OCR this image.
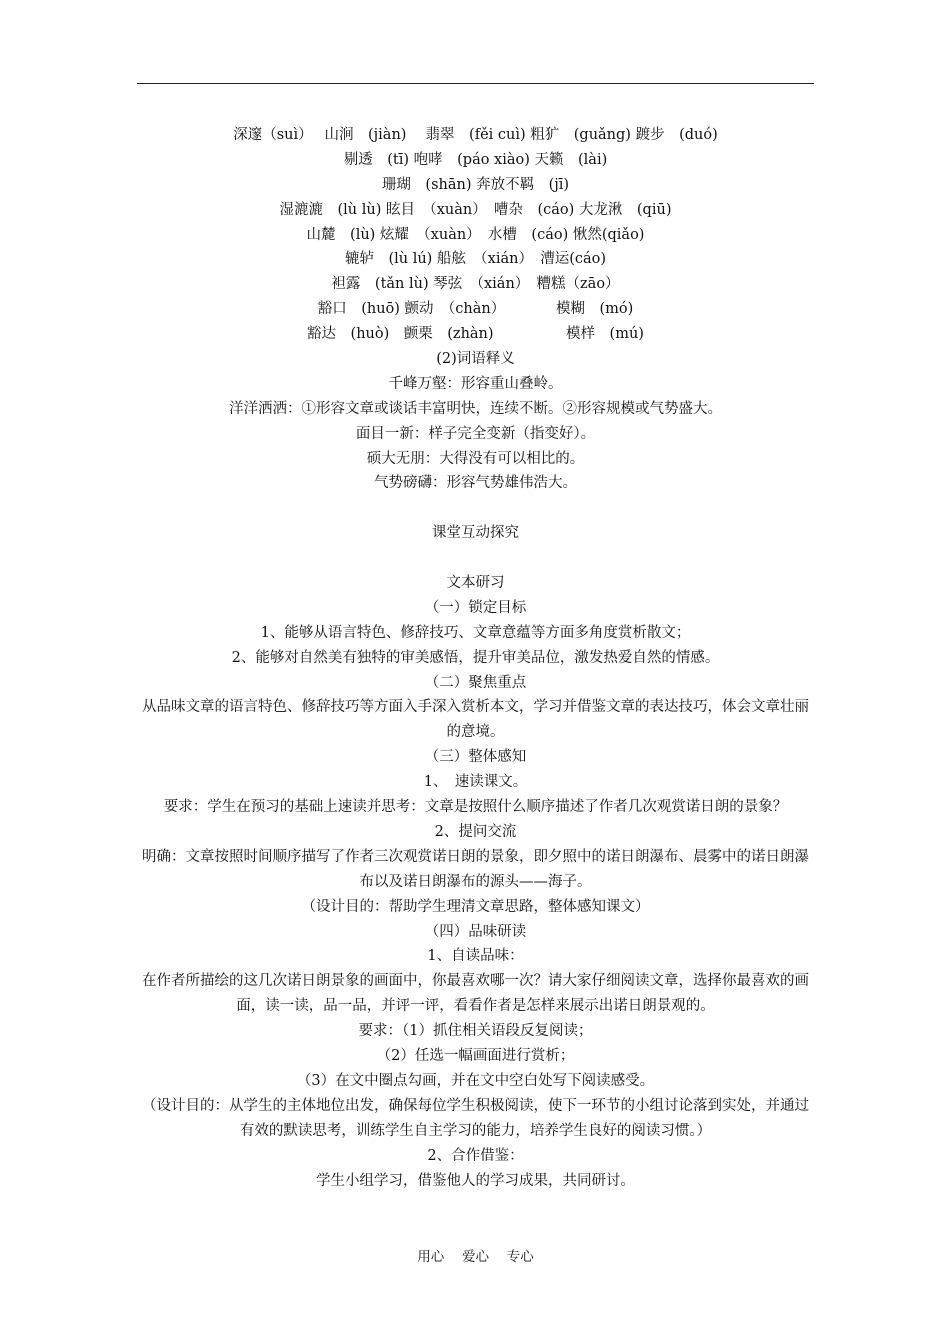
深邃（suì）　 山涧　(jiàn)　 翡翠　(fěi cuì) 粗犷　(guǎng) 踱步　(duó)
剔透　(tī) 咆哮　(páo xiào) 天籁　(lài)
珊瑚　(shān) 奔放不羁　(jī)
湿漉漉　(lù lù) 眩目　（xuàn）　嘈杂　(cáo) 大龙湫　(qiū)
山麓　(lù) 炫耀　（xuàn）　水槽　(cáo) 愀然(qiǎo)
辘轳　(lù lú) 船舷　（xián）　漕运(cáo)
袒露　(tǎn lù) 琴弦　（xián）　糟糕（zāo）
豁口　(huō) 颤动　（chàn）　　　　模糊　(mó)
豁达　(huò)　颤栗　(zhàn)　　　　　模样　(mú)
(2)词语释义
千峰万壑：形容重山叠岭。
洋洋洒洒：①形容文章或谈话丰富明快，连续不断。②形容规模或气势盛大。
面目一新：样子完全变新（指变好）。
硕大无朋：大得没有可以相比的。
气势磅礴：形容气势雄伟浩大。
课堂互动探究
文本研习
（一）锁定目标
1、能够从语言特色、修辞技巧、文章意蕴等方面多角度赏析散文；
2、能够对自然美有独特的审美感悟，提升审美品位，激发热爱自然的情感。
（二）聚焦重点
从品味文章的语言特色、修辞技巧等方面入手深入赏析本文，学习并借鉴文章的表达技巧，体会文章壮丽的意境。
（三）整体感知
1、　速读课文。
要求：学生在预习的基础上速读并思考：文章是按照什么顺序描述了作者几次观赏诺日朗的景象？
2、提问交流
明确：文章按照时间顺序描写了作者三次观赏诺日朗的景象，即夕照中的诺日朗瀑布、晨雾中的诺日朗瀑布以及诺日朗瀑布的源头——海子。
（设计目的：帮助学生理清文章思路，整体感知课文）
（四）品味研读
1、自读品味：
在作者所描绘的这几次诺日朗景象的画面中，你最喜欢哪一次？请大家仔细阅读文章，选择你最喜欢的画面，读一读，品一品，并评一评，看看作者是怎样来展示出诺日朗景观的。
要求：（1）抓住相关语段反复阅读；
（2）任选一幅画面进行赏析；
（3）在文中圈点勾画，并在文中空白处写下阅读感受。
（设计目的：从学生的主体地位出发，确保每位学生积极阅读，使下一环节的小组讨论落到实处，并通过有效的默读思考，训练学生自主学习的能力，培养学生良好的阅读习惯。）
2、合作借鉴：
学生小组学习，借鉴他人的学习成果，共同研讨。
用心　 爱心　 专心
